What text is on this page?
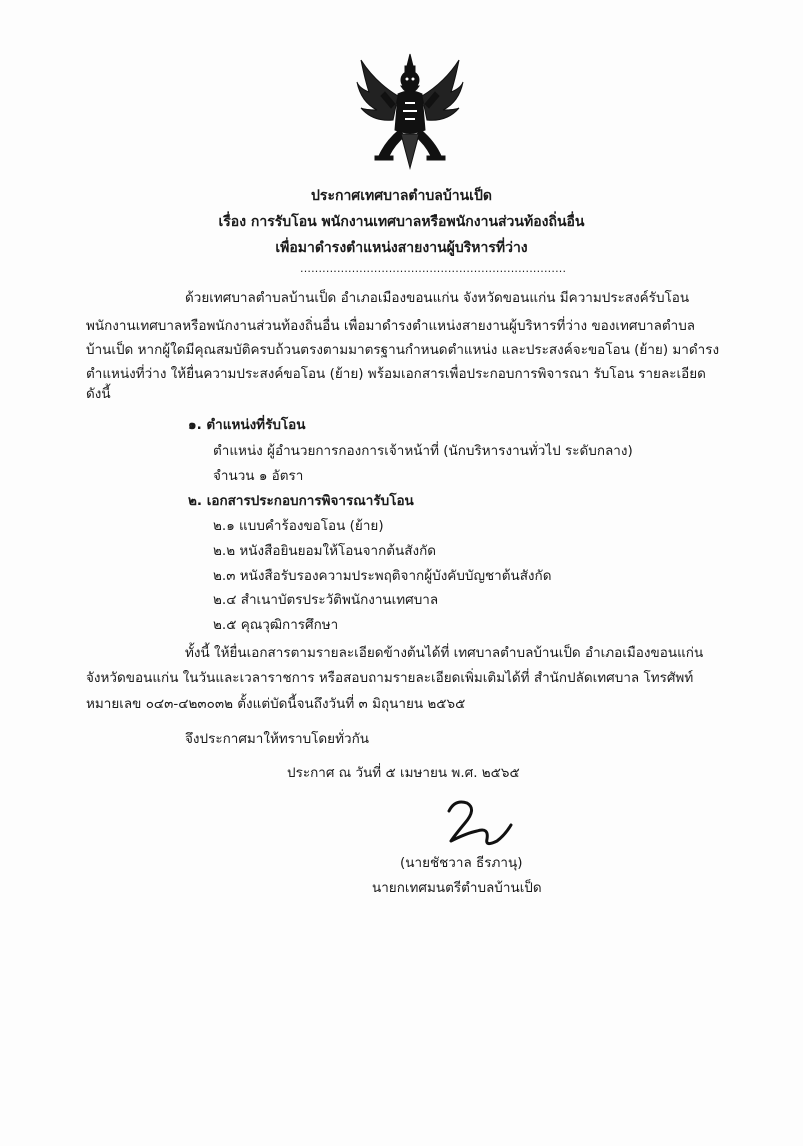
ประกาศเทศบาลตำบลบ้านเป็ด
เรื่อง การรับโอน พนักงานเทศบาลหรือพนักงานส่วนท้องถิ่นอื่น
เพื่อมาดำรงตำแหน่งสายงานผู้บริหารที่ว่าง
........................................................................
ด้วยเทศบาลตำบลบ้านเป็ด อำเภอเมืองขอนแก่น จังหวัดขอนแก่น มีความประสงค์รับโอน
พนักงานเทศบาลหรือพนักงานส่วนท้องถิ่นอื่น เพื่อมาดำรงตำแหน่งสายงานผู้บริหารที่ว่าง ของเทศบาลตำบล
บ้านเป็ด หากผู้ใดมีคุณสมบัติครบถ้วนตรงตามมาตรฐานกำหนดตำแหน่ง และประสงค์จะขอโอน (ย้าย) มาดำรง
ตำแหน่งที่ว่าง ให้ยื่นความประสงค์ขอโอน (ย้าย) พร้อมเอกสารเพื่อประกอบการพิจารณา รับโอน รายละเอียด
ดังนี้
๑. ตำแหน่งที่รับโอน
ตำแหน่ง ผู้อำนวยการกองการเจ้าหน้าที่ (นักบริหารงานทั่วไป ระดับกลาง)
จำนวน ๑ อัตรา
๒. เอกสารประกอบการพิจารณารับโอน
๒.๑ แบบคำร้องขอโอน (ย้าย)
๒.๒ หนังสือยินยอมให้โอนจากต้นสังกัด
๒.๓ หนังสือรับรองความประพฤติจากผู้บังคับบัญชาต้นสังกัด
๒.๔ สำเนาบัตรประวัติพนักงานเทศบาล
๒.๕ คุณวุฒิการศึกษา
ทั้งนี้ ให้ยื่นเอกสารตามรายละเอียดข้างต้นได้ที่ เทศบาลตำบลบ้านเป็ด อำเภอเมืองขอนแก่น
จังหวัดขอนแก่น ในวันและเวลาราชการ หรือสอบถามรายละเอียดเพิ่มเติมได้ที่ สำนักปลัดเทศบาล โทรศัพท์
หมายเลข ๐๔๓-๔๒๓๐๓๒ ตั้งแต่บัดนี้จนถึงวันที่ ๓ มิถุนายน ๒๕๖๕
จึงประกาศมาให้ทราบโดยทั่วกัน
ประกาศ ณ วันที่ ๕ เมษายน พ.ศ. ๒๕๖๕
(นายชัชวาล ธีรภานุ)
นายกเทศมนตรีตำบลบ้านเป็ด
